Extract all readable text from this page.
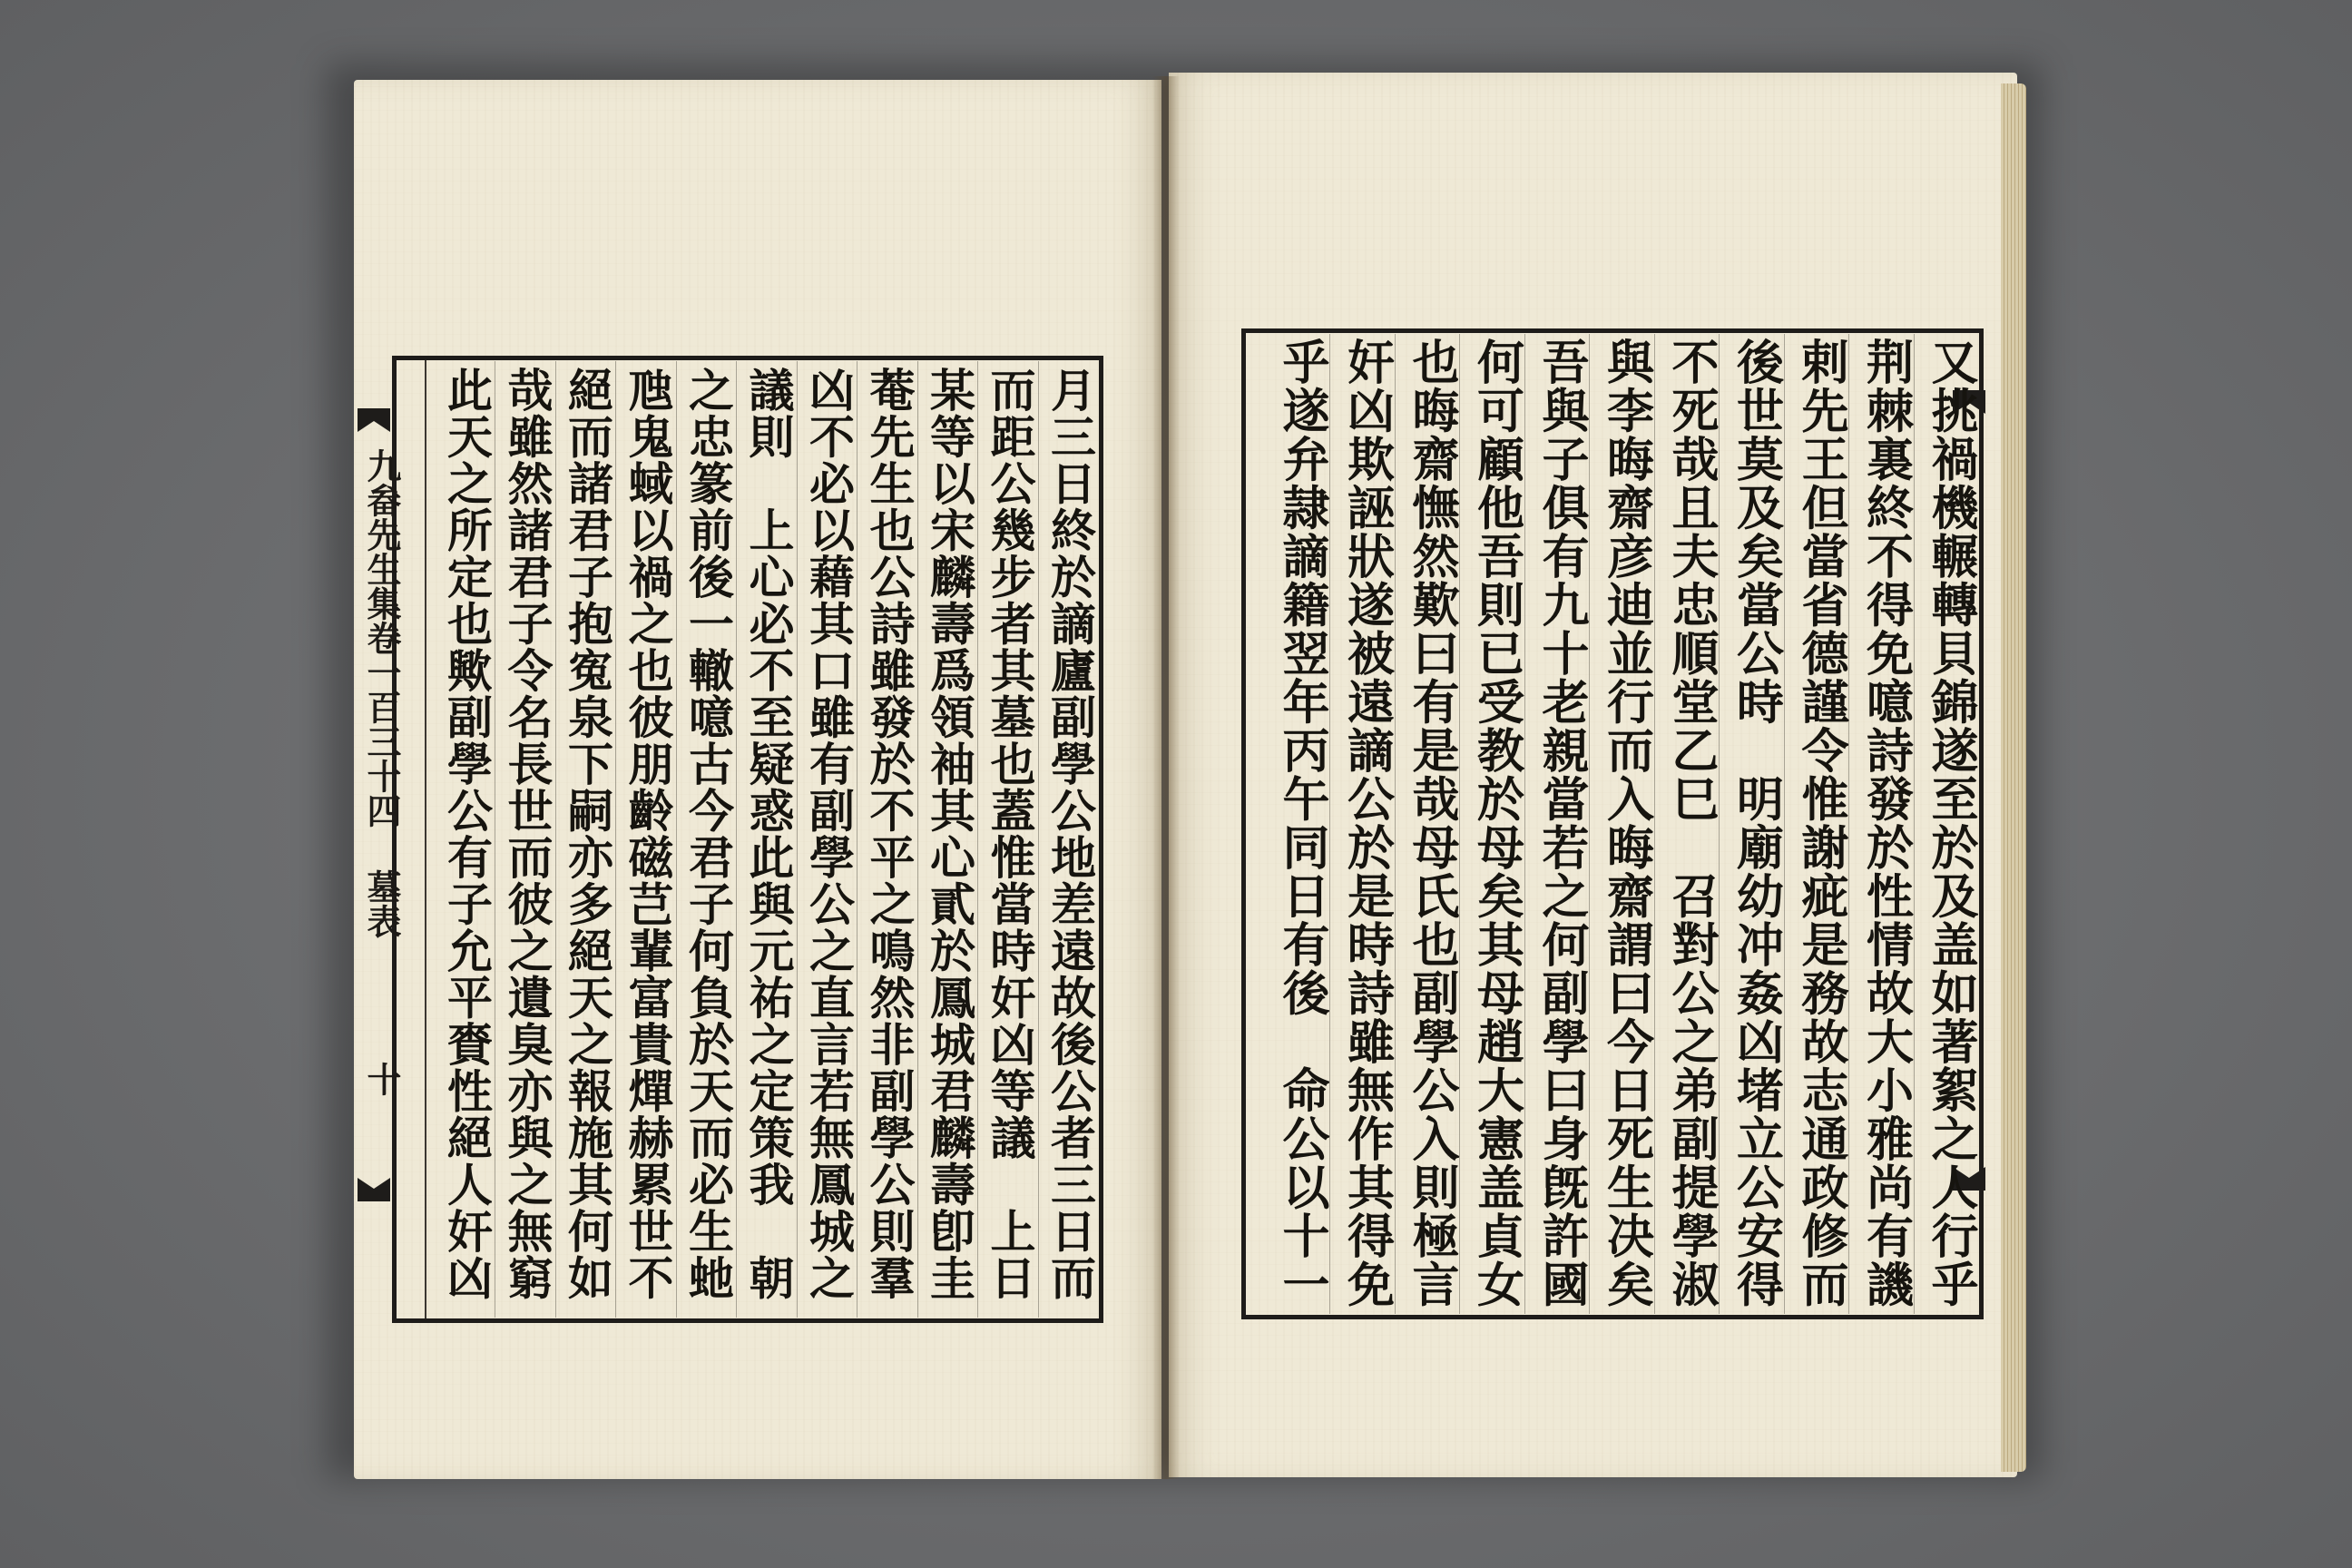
九畚先生集卷一百三十四
墓表
十	月三日終於謫廬副學公地差遠故後公者三日而
而距公幾步者其墓也蓋惟當時奸凶等議　上日
某等以宋麟壽爲領袖其心貳於鳳城君麟壽卽圭
菴先生也公詩雖發於不平之鳴然非副學公則羣
凶不必以藉其口雖有副學公之直言若無鳳城之
議則　上心必不至疑惑此與元祐之定策我　朝
之忠篆前後一轍噫古今君子何負於天而必生虵
虺鬼蜮以禍之也彼朋齡磁芑輩富貴燀赫累世不
絕而諸君子抱寃泉下嗣亦多絕天之報施其何如
哉雖然諸君子令名長世而彼之遺臭亦與之無窮
此天之所定也歟副學公有子允平賚性絕人奸凶	又挑禍機輾轉貝錦遂至於及盖如著絮之人行乎
荆棘裏終不得免噫詩發於性情故大小雅尚有譏
剌先王但當省德謹令惟謝疵是務故志通政修而
後世莫及矣當公時　明廟幼冲姦凶堵立公安得
不死哉且夫忠順堂乙巳　召對公之弟副提學淑
與李晦齋彦迪並行而入晦齋謂曰今日死生决矣
吾與子俱有九十老親當若之何副學曰身旣許國
何可顧他吾則已受教於母矣其母趙大憲盖貞女
也晦齋憮然歎曰有是哉母氏也副學公入則極言
奸凶欺誣狀遂被遠謫公於是時詩雖無作其得免
乎遂弁隷謫籍翌年丙午同日有後　命公以十一
